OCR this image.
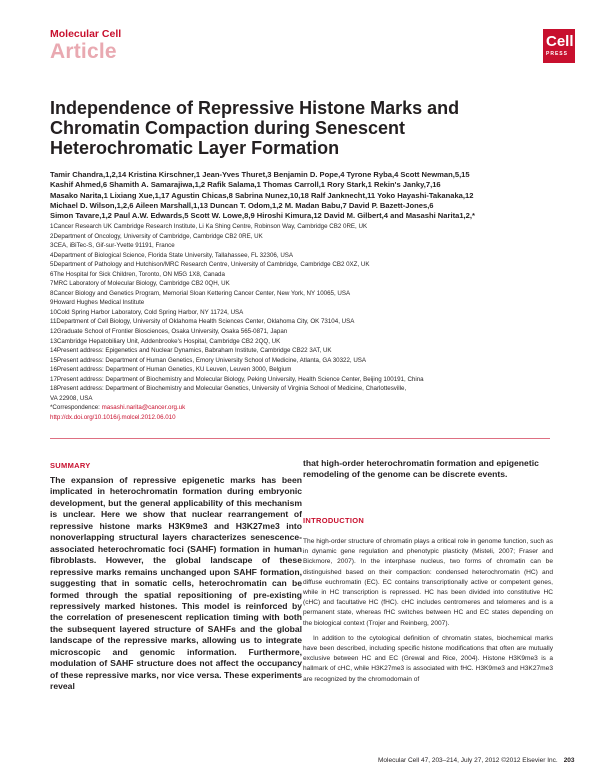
Molecular Cell
Article	Cell
PRESS
Independence of Repressive Histone Marks and Chromatin Compaction during Senescent Heterochromatic Layer Formation
Tamir Chandra,1,2,14 Kristina Kirschner,1 Jean-Yves Thuret,3 Benjamin D. Pope,4 Tyrone Ryba,4 Scott Newman,5,15
Kashif Ahmed,6 Shamith A. Samarajiwa,1,2 Rafik Salama,1 Thomas Carroll,1 Rory Stark,1 Rekin's Janky,7,16
Masako Narita,1 Lixiang Xue,1,17 Agustin Chicas,8 Sabrina Nunez,10,18 Ralf Janknecht,11 Yoko Hayashi-Takanaka,12
Michael D. Wilson,1,2,6 Aileen Marshall,1,13 Duncan T. Odom,1,2 M. Madan Babu,7 David P. Bazett-Jones,6
Simon Tavare,1,2 Paul A.W. Edwards,5 Scott W. Lowe,8,9 Hiroshi Kimura,12 David M. Gilbert,4 and Masashi Narita1,2,*
1Cancer Research UK Cambridge Research Institute, Li Ka Shing Centre, Robinson Way, Cambridge CB2 0RE, UK
2Department of Oncology, University of Cambridge, Cambridge CB2 0RE, UK
3CEA, iBiTec-S, Gif-sur-Yvette 91191, France
4Department of Biological Science, Florida State University, Tallahassee, FL 32306, USA
5Department of Pathology and Hutchison/MRC Research Centre, University of Cambridge, Cambridge CB2 0XZ, UK
6The Hospital for Sick Children, Toronto, ON M5G 1X8, Canada
7MRC Laboratory of Molecular Biology, Cambridge CB2 0QH, UK
8Cancer Biology and Genetics Program, Memorial Sloan Kettering Cancer Center, New York, NY 10065, USA
9Howard Hughes Medical Institute
10Cold Spring Harbor Laboratory, Cold Spring Harbor, NY 11724, USA
11Department of Cell Biology, University of Oklahoma Health Sciences Center, Oklahoma City, OK 73104, USA
12Graduate School of Frontier Biosciences, Osaka University, Osaka 565-0871, Japan
13Cambridge Hepatobiliary Unit, Addenbrooke's Hospital, Cambridge CB2 2QQ, UK
14Present address: Epigenetics and Nuclear Dynamics, Babraham Institute, Cambridge CB22 3AT, UK
15Present address: Department of Human Genetics, Emory University School of Medicine, Atlanta, GA 30322, USA
16Present address: Department of Human Genetics, KU Leuven, Leuven 3000, Belgium
17Present address: Department of Biochemistry and Molecular Biology, Peking University, Health Science Center, Beijing 100191, China
18Present address: Department of Biochemistry and Molecular Genetics, University of Virginia School of Medicine, Charlottesville,
VA 22908, USA
*Correspondence: masashi.narita@cancer.org.uk
http://dx.doi.org/10.1016/j.molcel.2012.06.010
SUMMARY
The expansion of repressive epigenetic marks has been implicated in heterochromatin formation during embryonic development, but the general applicability of this mechanism is unclear. Here we show that nuclear rearrangement of repressive histone marks H3K9me3 and H3K27me3 into nonoverlapping structural layers characterizes senescence-associated heterochromatic foci (SAHF) formation in human fibroblasts. However, the global landscape of these repressive marks remains unchanged upon SAHF formation, suggesting that in somatic cells, heterochromatin can be formed through the spatial repositioning of pre-existing repressively marked histones. This model is reinforced by the correlation of presenescent replication timing with both the subsequent layered structure of SAHFs and the global landscape of the repressive marks, allowing us to integrate microscopic and genomic information. Furthermore, modulation of SAHF structure does not affect the occupancy of these repressive marks, nor vice versa. These experiments reveal
that high-order heterochromatin formation and epigenetic remodeling of the genome can be discrete events.
INTRODUCTION

The high-order structure of chromatin plays a critical role in genome function, such as in dynamic gene regulation and phenotypic plasticity (Misteli, 2007; Fraser and Bickmore, 2007). In the interphase nucleus, two forms of chromatin can be distinguished based on their compaction: condensed heterochromatin (HC) and diffuse euchromatin (EC). EC contains transcriptionally active or competent genes, while in HC transcription is repressed. HC has been divided into constitutive HC (cHC) and facultative HC (fHC). cHC includes centromeres and telomeres and is a permanent state, whereas fHC switches between HC and EC states depending on the biological context (Trojer and Reinberg, 2007).

In addition to the cytological definition of chromatin states, biochemical marks have been described, including specific histone modifications that often are mutually exclusive between HC and EC (Grewal and Rice, 2004). Histone H3K9me3 is a hallmark of cHC, while H3K27me3 is associated with fHC. H3K9me3 and H3K27me3 are recognized by the chromodomain of

Molecular Cell 47, 203–214, July 27, 2012 ©2012 Elsevier Inc. 203
